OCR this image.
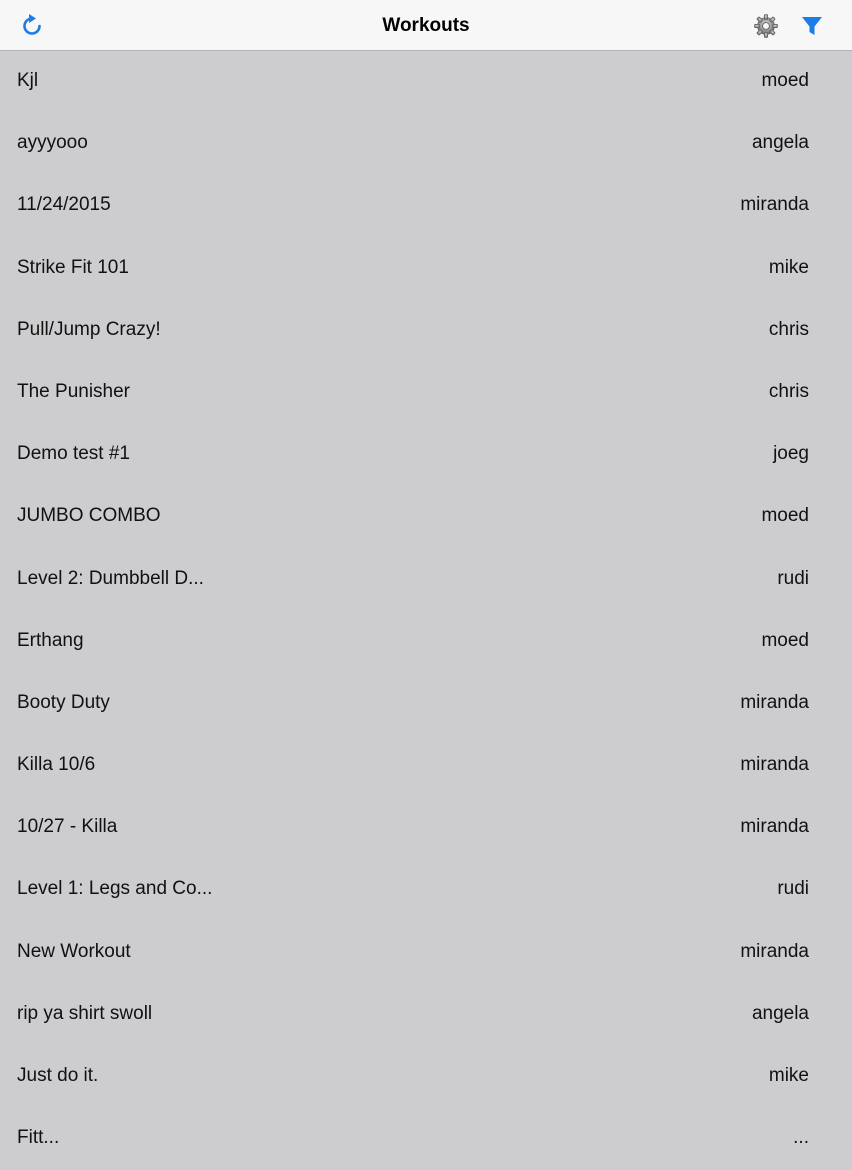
Workouts
Kjl	moed
ayyyooo	angela
11/24/2015	miranda
Strike Fit 101	mike
Pull/Jump Crazy!	chris
The Punisher	chris
Demo test #1	joeg
JUMBO COMBO	moed
Level 2: Dumbbell D...	rudi
Erthang	moed
Booty Duty	miranda
Killa 10/6	miranda
10/27 - Killa	miranda
Level 1: Legs and Co...	rudi
New Workout	miranda
rip ya shirt swoll	angela
Just do it.	mike
Fitt...	...
